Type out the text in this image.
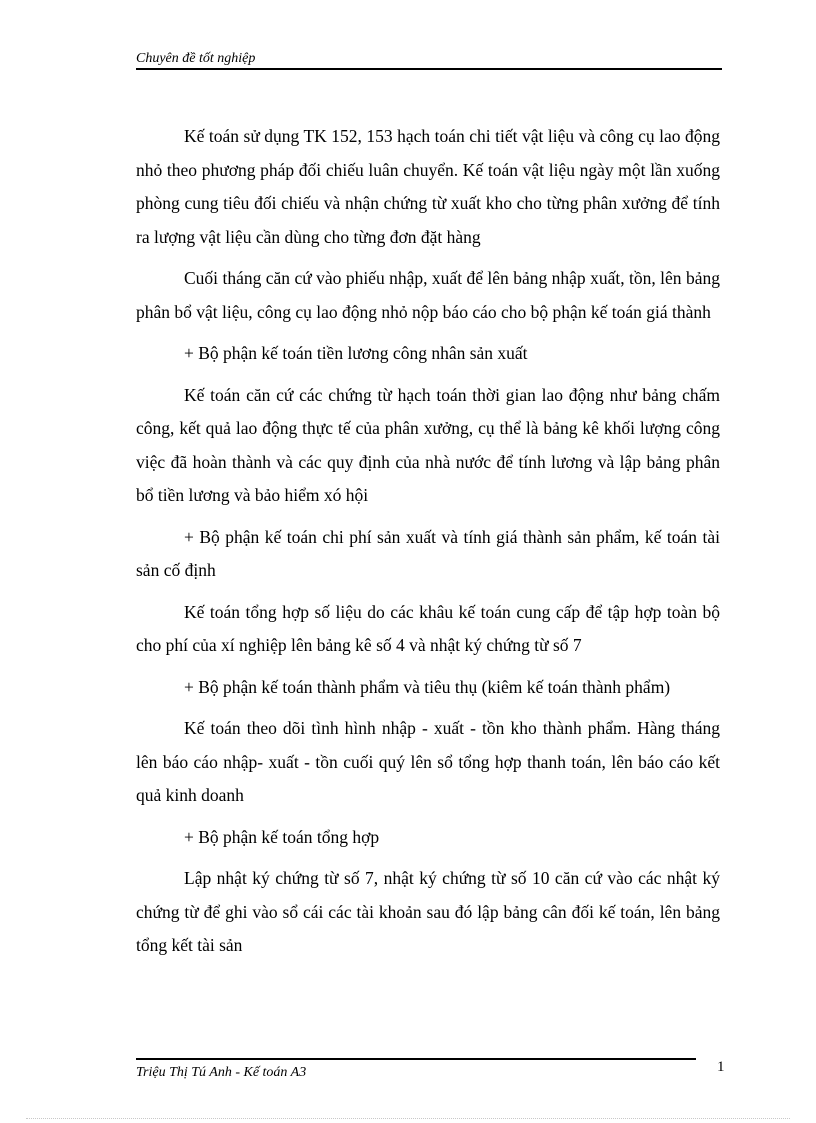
Chuyên đề tốt nghiệp

Kế toán sử dụng TK 152, 153 hạch toán chi tiết vật liệu và công cụ lao động nhỏ theo phương pháp đối chiếu luân chuyển. Kế toán vật liệu ngày một lần xuống phòng cung tiêu đối chiếu và nhận chứng từ xuất kho cho từng phân xưởng để tính ra lượng vật liệu cần dùng cho từng đơn đặt hàng

Cuối tháng căn cứ vào phiếu nhập, xuất để lên bảng nhập xuất, tồn, lên bảng phân bổ vật liệu, công cụ lao động nhỏ nộp báo cáo cho bộ phận kế toán giá thành

+ Bộ phận kế toán tiền lương công nhân sản xuất

Kế toán căn cứ các chứng từ hạch toán thời gian lao động như bảng chấm công, kết quả lao động thực tế của phân xưởng, cụ thể là bảng kê khối lượng công việc đã hoàn thành và các quy định của nhà nước để tính lương và lập bảng phân bổ tiền lương và bảo hiểm xó hội

+ Bộ phận kế toán chi phí sản xuất và tính giá thành sản phẩm, kế toán tài sản cố định

Kế toán tổng hợp số liệu do các khâu kế toán cung cấp để tập hợp toàn bộ cho phí của xí nghiệp lên bảng kê số 4 và nhật ký chứng từ số 7

+ Bộ phận kế toán thành phẩm và tiêu thụ (kiêm kế toán thành phẩm)

Kế toán theo dõi tình hình nhập - xuất - tồn kho thành phẩm. Hàng tháng lên báo cáo nhập- xuất - tồn cuối quý lên sổ tổng hợp thanh toán, lên báo cáo kết quả kinh doanh

+ Bộ phận kế toán tổng hợp

Lập nhật ký chứng từ số 7, nhật ký chứng từ số 10 căn cứ vào các nhật ký chứng từ để ghi vào sổ cái các tài khoản sau đó lập bảng cân đối kế toán, lên bảng tổng kết tài sản

Triệu Thị Tú Anh - Kế toán A3	1
